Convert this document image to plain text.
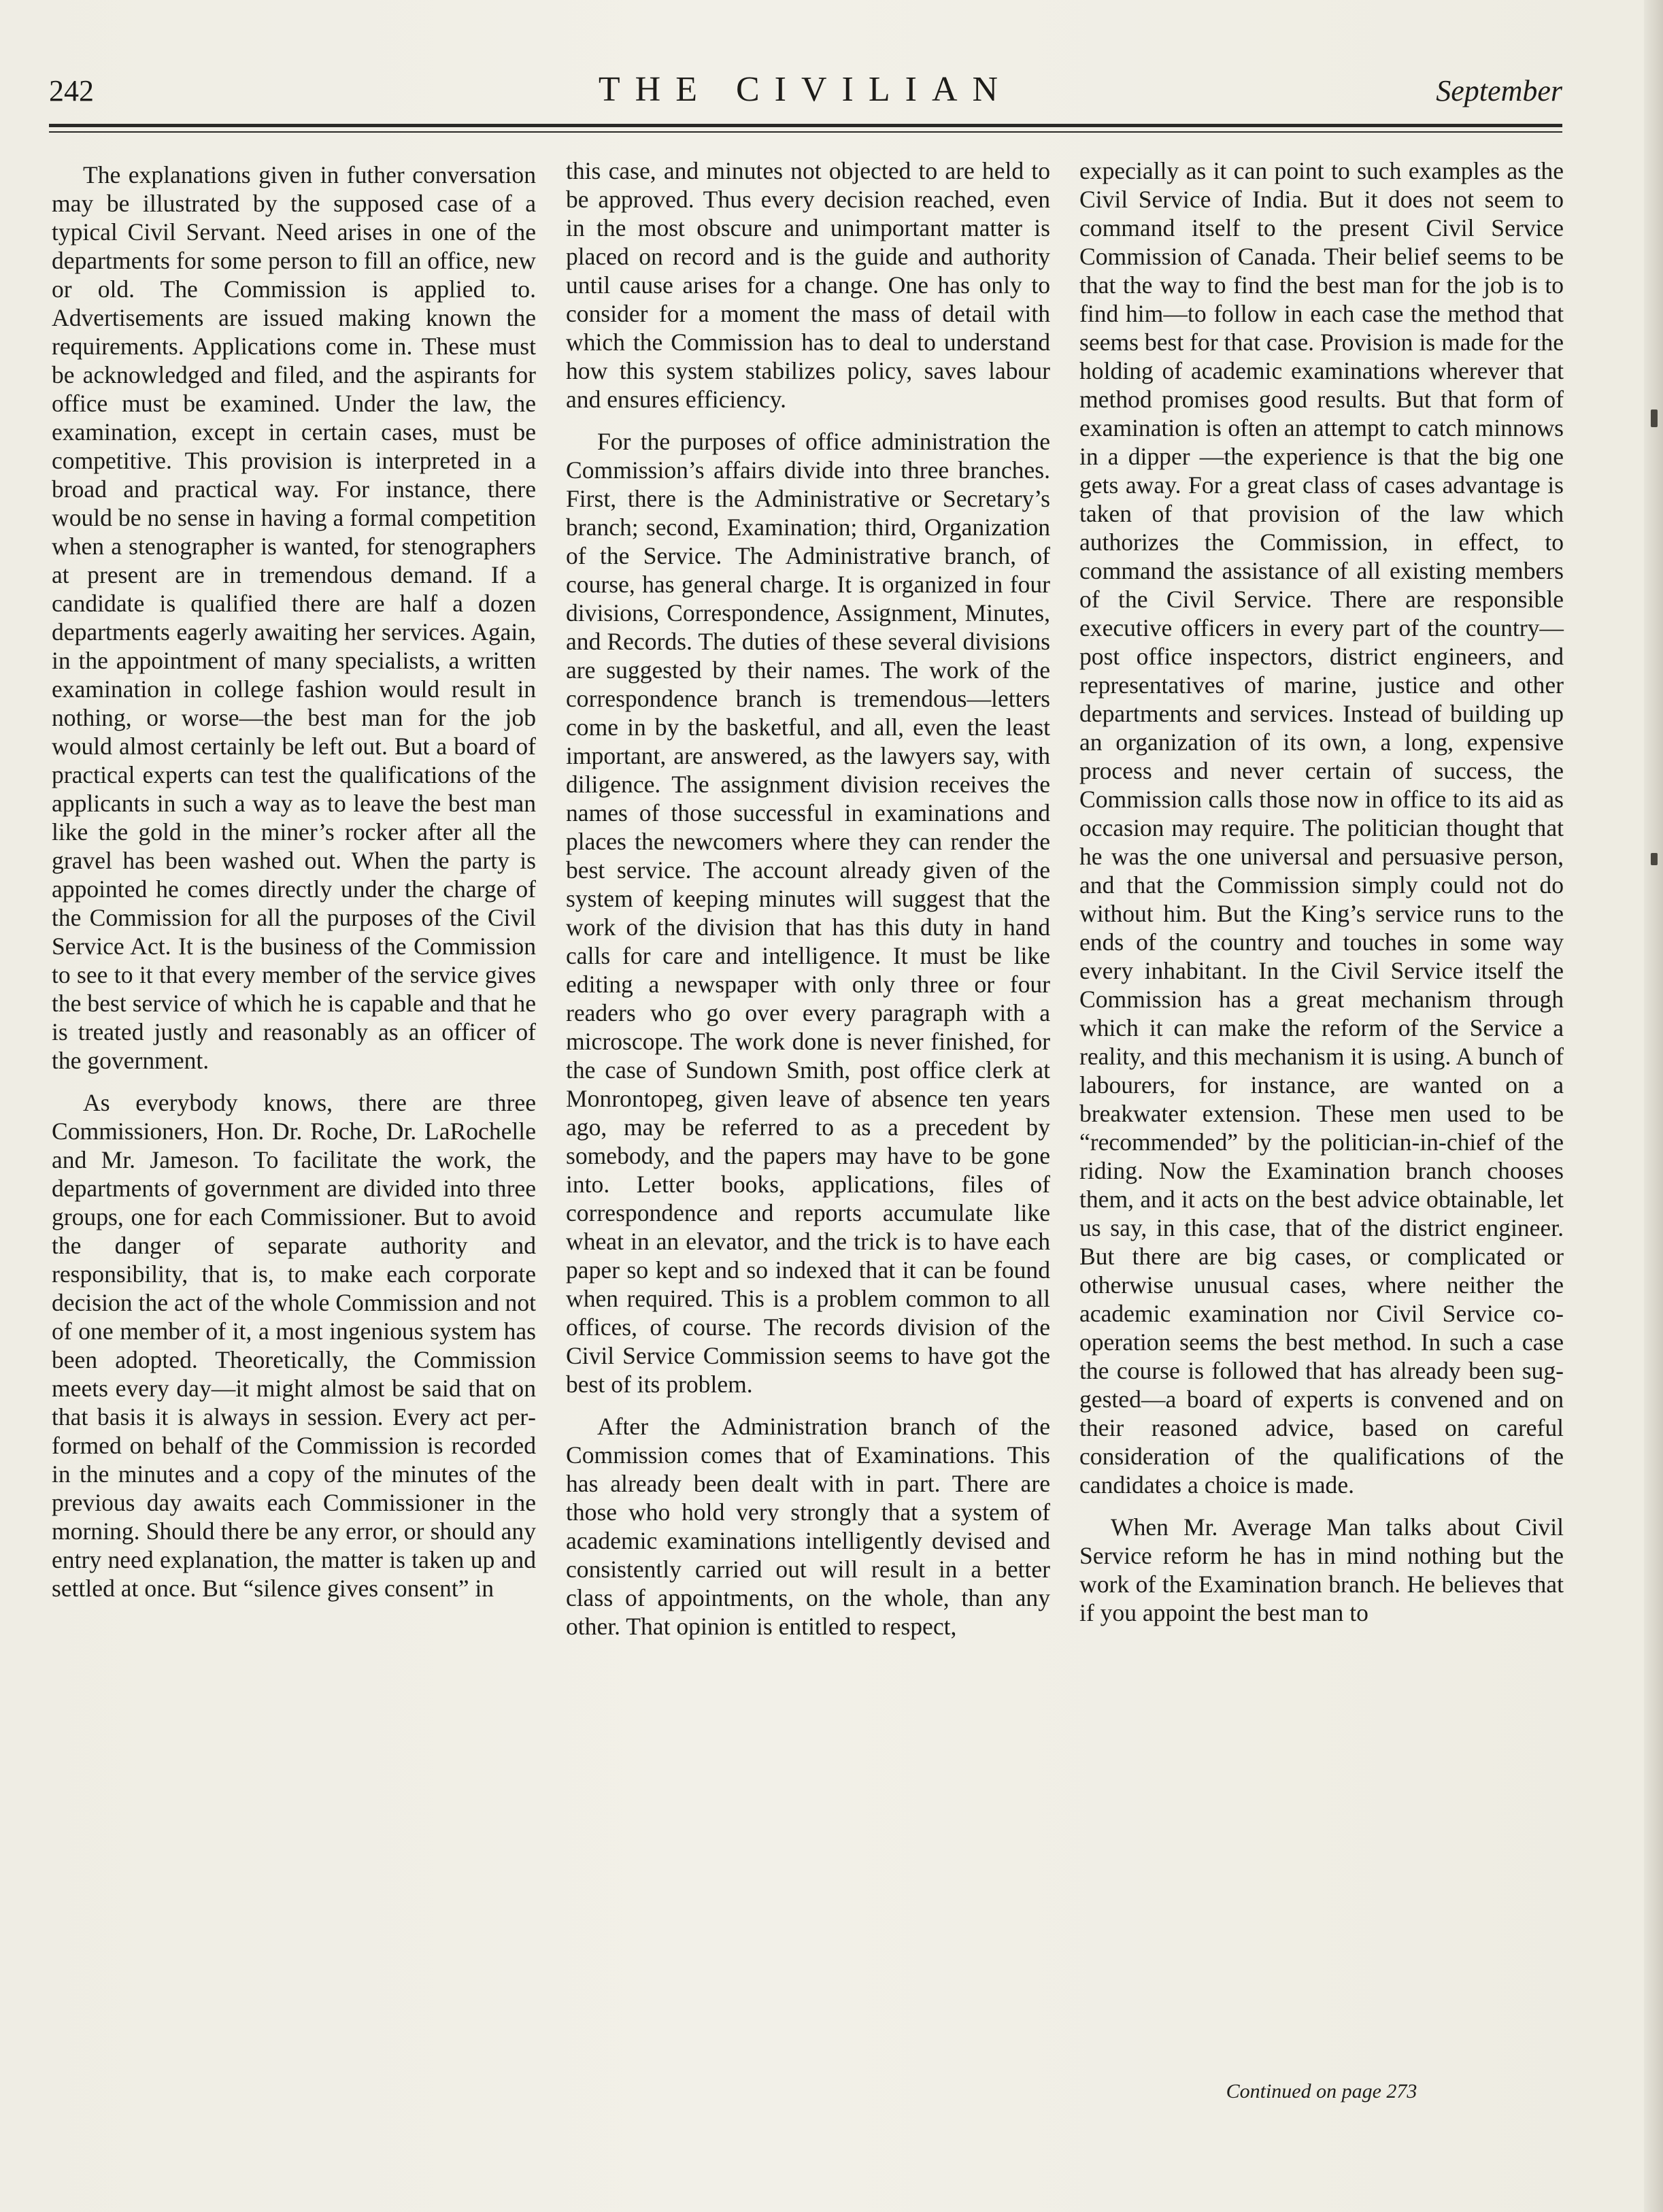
242	THE CIVILIAN	September

The explanations given in futher conversation may be illustrated by the supposed case of a typical Civil Servant. Need arises in one of the departments for some person to fill an office, new or old. The Commission is applied to. Advertisements are issued making known the requirements. Applications come in. These must be acknowledged and filed, and the aspirants for office must be examined. Under the law, the examination, except in certain cases, must be competitive. This provision is interpreted in a broad and practical way. For instance, there would be no sense in having a formal competition when a stenographer is wanted, for stenographers at present are in tremendous demand. If a candidate is qualified there are half a dozen departments eagerly awaiting her services. Again, in the appointment of many specialists, a written examination in college fashion would result in nothing, or worse—the best man for the job would almost certainly be left out. But a board of practical experts can test the qualifications of the applicants in such a way as to leave the best man like the gold in the miner’s rocker after all the gravel has been washed out. When the party is appointed he comes directly under the charge of the Commission for all the purposes of the Civil Service Act. It is the business of the Commission to see to it that every member of the service gives the best service of which he is capable and that he is treated justly and reasonably as an officer of the government.

As everybody knows, there are three Commissioners, Hon. Dr. Roche, Dr. LaRochelle and Mr. Jameson. To facilitate the work, the departments of government are divided into three groups, one for each Commissioner. But to avoid the danger of separate authority and responsibility, that is, to make each corporate decision the act of the whole Commission and not of one member of it, a most ingenious system has been adopted. Theoretically, the Commission meets every day—it might almost be said that on that basis it is always in session. Every act performed on behalf of the Commission is recorded in the minutes and a copy of the minutes of the previous day awaits each Commissioner in the morning. Should there be any error, or should any entry need explanation, the matter is taken up and settled at once. But “silence gives consent” in

this case, and minutes not objected to are held to be approved. Thus every decision reached, even in the most obscure and unimportant matter is placed on record and is the guide and authority until cause arises for a change. One has only to consider for a moment the mass of detail with which the Commission has to deal to understand how this system stabilizes policy, saves labour and ensures efficiency.

For the purposes of office administration the Commission’s affairs divide into three branches. First, there is the Administrative or Secretary’s branch; second, Examination; third, Organization of the Service. The Administrative branch, of course, has general charge. It is organized in four divisions, Correspondence, Assignment, Minutes, and Records. The duties of these several divisions are suggested by their names. The work of the correspondence branch is tremendous—letters come in by the basketful, and all, even the least important, are answered, as the lawyers say, with diligence. The assignment division receives the names of those successful in examinations and places the newcomers where they can render the best service. The account already given of the system of keeping minutes will suggest that the work of the division that has this duty in hand calls for care and intelligence. It must be like editing a newspaper with only three or four readers who go over every paragraph with a microscope. The work done is never finished, for the case of Sundown Smith, post office clerk at Monrontopeg, given leave of absence ten years ago, may be referred to as a precedent by somebody, and the papers may have to be gone into. Letter books, applications, files of correspondence and reports accumulate like wheat in an elevator, and the trick is to have each paper so kept and so indexed that it can be found when required. This is a problem common to all offices, of course. The records division of the Civil Service Commission seems to have got the best of its problem.

After the Administration branch of the Commission comes that of Examinations. This has already been dealt with in part. There are those who hold very strongly that a system of academic examinations intelligently devised and consistently carried out will result in a better class of appointments, on the whole, than any other. That opinion is entitled to respect,

expecially as it can point to such examples as the Civil Service of India. But it does not seem to command itself to the present Civil Service Commission of Canada. Their belief seems to be that the way to find the best man for the job is to find him—to follow in each case the method that seems best for that case. Provision is made for the holding of academic examinations wherever that method promises good results. But that form of examination is often an attempt to catch minnows in a dipper —the experience is that the big one gets away. For a great class of cases advantage is taken of that provision of the law which authorizes the Commission, in effect, to command the assistance of all existing members of the Civil Service. There are responsible executive officers in every part of the country—post office inspectors, district engineers, and representatives of marine, justice and other departments and services. Instead of building up an organization of its own, a long, expensive process and never certain of success, the Commission calls those now in office to its aid as occasion may require. The politician thought that he was the one universal and persuasive person, and that the Commission simply could not do without him. But the King’s service runs to the ends of the country and touches in some way every inhabitant. In the Civil Service itself the Commission has a great mechanism through which it can make the reform of the Service a reality, and this mechanism it is using. A bunch of labourers, for instance, are wanted on a breakwater extension. These men used to be “recommended” by the politician-in-chief of the riding. Now the Examination branch chooses them, and it acts on the best advice obtainable, let us say, in this case, that of the district engineer. But there are big cases, or complicated or otherwise unusual cases, where neither the academic examination nor Civil Service co-operation seems the best method. In such a case the course is followed that has already been suggested—a board of experts is convened and on their reasoned advice, based on careful consideration of the qualifications of the candidates a choice is made.

When Mr. Average Man talks about Civil Service reform he has in mind nothing but the work of the Examination branch. He believes that if you appoint the best man to

Continued on page 273
